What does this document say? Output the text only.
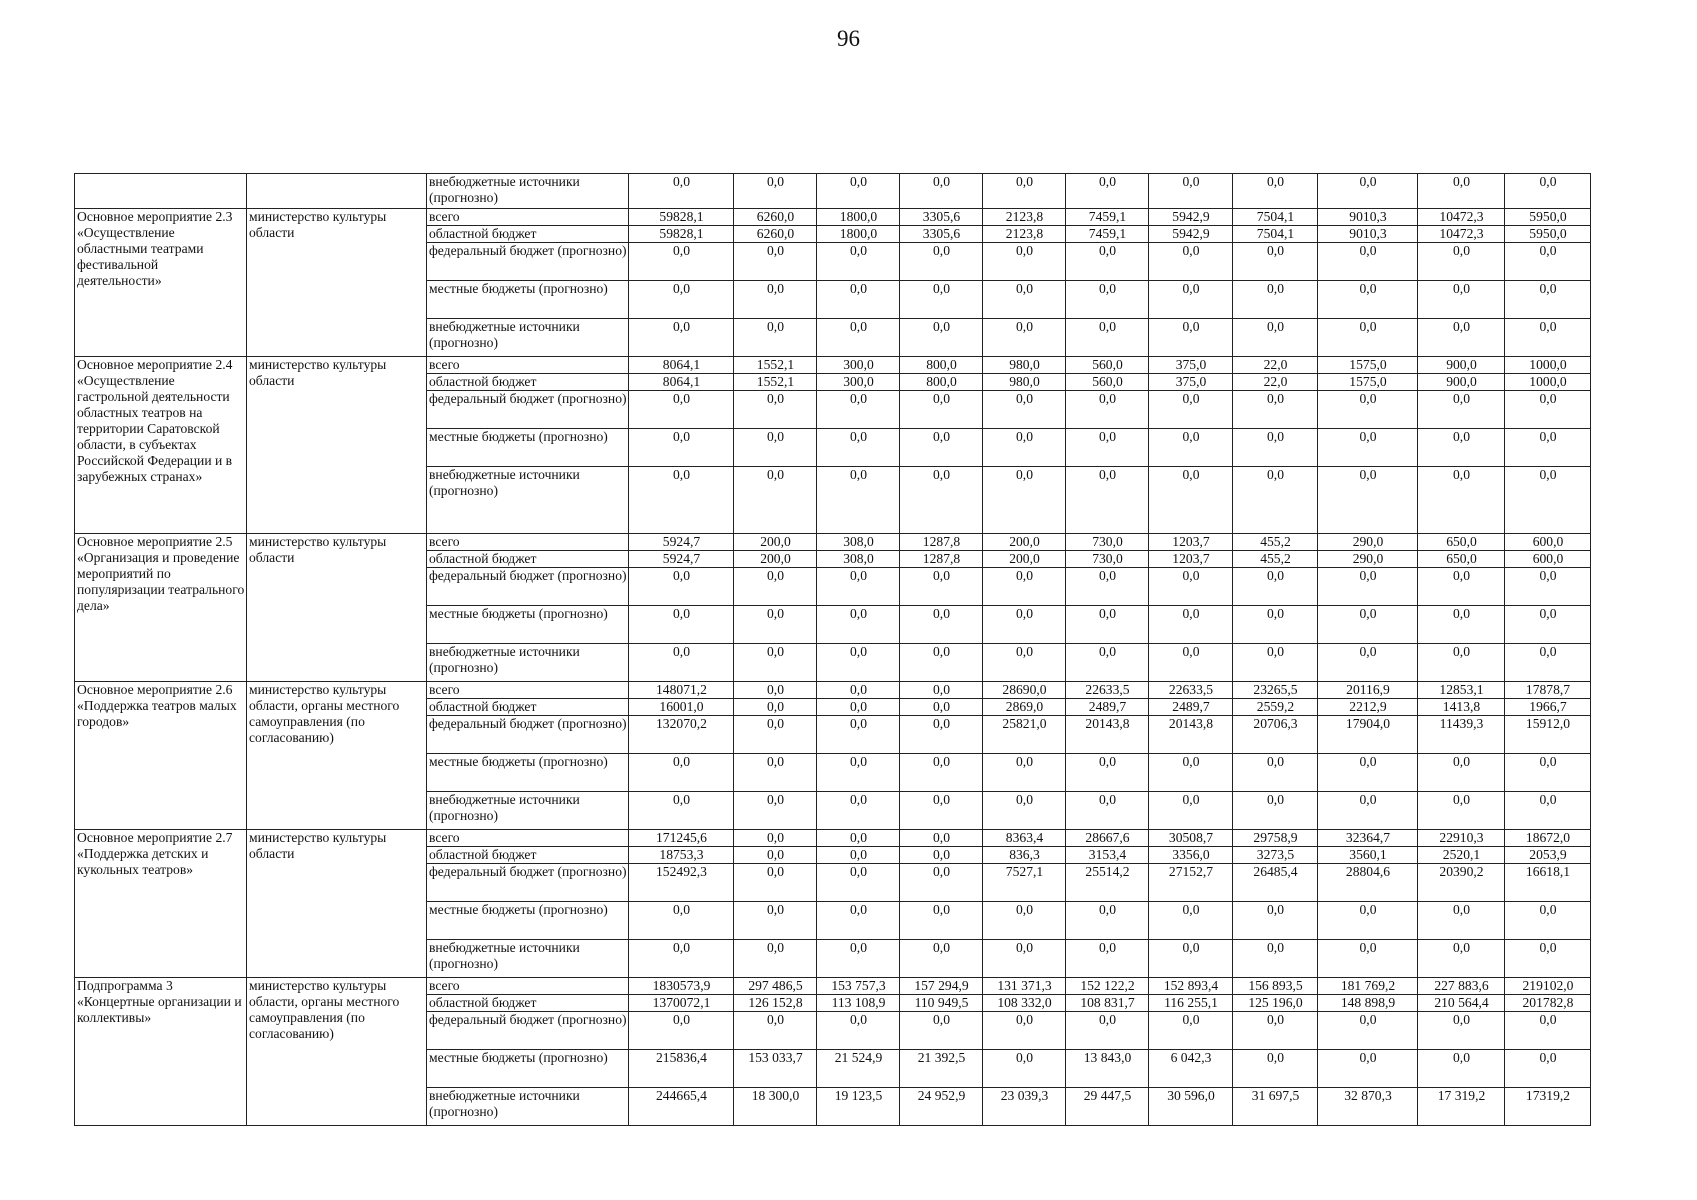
96
		внебюджетные источники (прогнозно)	0,0	0,0	0,0	0,0	0,0	0,0	0,0	0,0	0,0	0,0	0,0
Основное мероприятие 2.3 «Осуществление областными театрами фестивальной деятельности»	министерство культуры области	всего	59828,1	6260,0	1800,0	3305,6	2123,8	7459,1	5942,9	7504,1	9010,3	10472,3	5950,0
		областной бюджет	59828,1	6260,0	1800,0	3305,6	2123,8	7459,1	5942,9	7504,1	9010,3	10472,3	5950,0
		федеральный бюджет (прогнозно)	0,0	0,0	0,0	0,0	0,0	0,0	0,0	0,0	0,0	0,0	0,0
		местные бюджеты (прогнозно)	0,0	0,0	0,0	0,0	0,0	0,0	0,0	0,0	0,0	0,0	0,0
		внебюджетные источники (прогнозно)	0,0	0,0	0,0	0,0	0,0	0,0	0,0	0,0	0,0	0,0	0,0
Основное мероприятие 2.4 «Осуществление гастрольной деятельности областных театров на территории Саратовской области, в субъектах Российской Федерации и в зарубежных странах»	министерство культуры области	всего	8064,1	1552,1	300,0	800,0	980,0	560,0	375,0	22,0	1575,0	900,0	1000,0
		областной бюджет	8064,1	1552,1	300,0	800,0	980,0	560,0	375,0	22,0	1575,0	900,0	1000,0
		федеральный бюджет (прогнозно)	0,0	0,0	0,0	0,0	0,0	0,0	0,0	0,0	0,0	0,0	0,0
		местные бюджеты (прогнозно)	0,0	0,0	0,0	0,0	0,0	0,0	0,0	0,0	0,0	0,0	0,0
		внебюджетные источники (прогнозно)	0,0	0,0	0,0	0,0	0,0	0,0	0,0	0,0	0,0	0,0	0,0
Основное мероприятие 2.5 «Организация и проведение мероприятий по популяризации театрального дела»	министерство культуры области	всего	5924,7	200,0	308,0	1287,8	200,0	730,0	1203,7	455,2	290,0	650,0	600,0
		областной бюджет	5924,7	200,0	308,0	1287,8	200,0	730,0	1203,7	455,2	290,0	650,0	600,0
		федеральный бюджет (прогнозно)	0,0	0,0	0,0	0,0	0,0	0,0	0,0	0,0	0,0	0,0	0,0
		местные бюджеты (прогнозно)	0,0	0,0	0,0	0,0	0,0	0,0	0,0	0,0	0,0	0,0	0,0
		внебюджетные источники (прогнозно)	0,0	0,0	0,0	0,0	0,0	0,0	0,0	0,0	0,0	0,0	0,0
Основное мероприятие 2.6 «Поддержка театров малых городов»	министерство культуры области, органы местного самоуправления (по согласованию)	всего	148071,2	0,0	0,0	0,0	28690,0	22633,5	22633,5	23265,5	20116,9	12853,1	17878,7
		областной бюджет	16001,0	0,0	0,0	0,0	2869,0	2489,7	2489,7	2559,2	2212,9	1413,8	1966,7
		федеральный бюджет (прогнозно)	132070,2	0,0	0,0	0,0	25821,0	20143,8	20143,8	20706,3	17904,0	11439,3	15912,0
		местные бюджеты (прогнозно)	0,0	0,0	0,0	0,0	0,0	0,0	0,0	0,0	0,0	0,0	0,0
		внебюджетные источники (прогнозно)	0,0	0,0	0,0	0,0	0,0	0,0	0,0	0,0	0,0	0,0	0,0
Основное мероприятие 2.7 «Поддержка детских и кукольных театров»	министерство культуры области	всего	171245,6	0,0	0,0	0,0	8363,4	28667,6	30508,7	29758,9	32364,7	22910,3	18672,0
		областной бюджет	18753,3	0,0	0,0	0,0	836,3	3153,4	3356,0	3273,5	3560,1	2520,1	2053,9
		федеральный бюджет (прогнозно)	152492,3	0,0	0,0	0,0	7527,1	25514,2	27152,7	26485,4	28804,6	20390,2	16618,1
		местные бюджеты (прогнозно)	0,0	0,0	0,0	0,0	0,0	0,0	0,0	0,0	0,0	0,0	0,0
		внебюджетные источники (прогнозно)	0,0	0,0	0,0	0,0	0,0	0,0	0,0	0,0	0,0	0,0	0,0
Подпрограмма 3 «Концертные организации и коллективы»	министерство культуры области, органы местного самоуправления (по согласованию)	всего	1830573,9	297 486,5	153 757,3	157 294,9	131 371,3	152 122,2	152 893,4	156 893,5	181 769,2	227 883,6	219102,0
		областной бюджет	1370072,1	126 152,8	113 108,9	110 949,5	108 332,0	108 831,7	116 255,1	125 196,0	148 898,9	210 564,4	201782,8
		федеральный бюджет (прогнозно)	0,0	0,0	0,0	0,0	0,0	0,0	0,0	0,0	0,0	0,0	0,0
		местные бюджеты (прогнозно)	215836,4	153 033,7	21 524,9	21 392,5	0,0	13 843,0	6 042,3	0,0	0,0	0,0	0,0
		внебюджетные источники (прогнозно)	244665,4	18 300,0	19 123,5	24 952,9	23 039,3	29 447,5	30 596,0	31 697,5	32 870,3	17 319,2	17319,2
